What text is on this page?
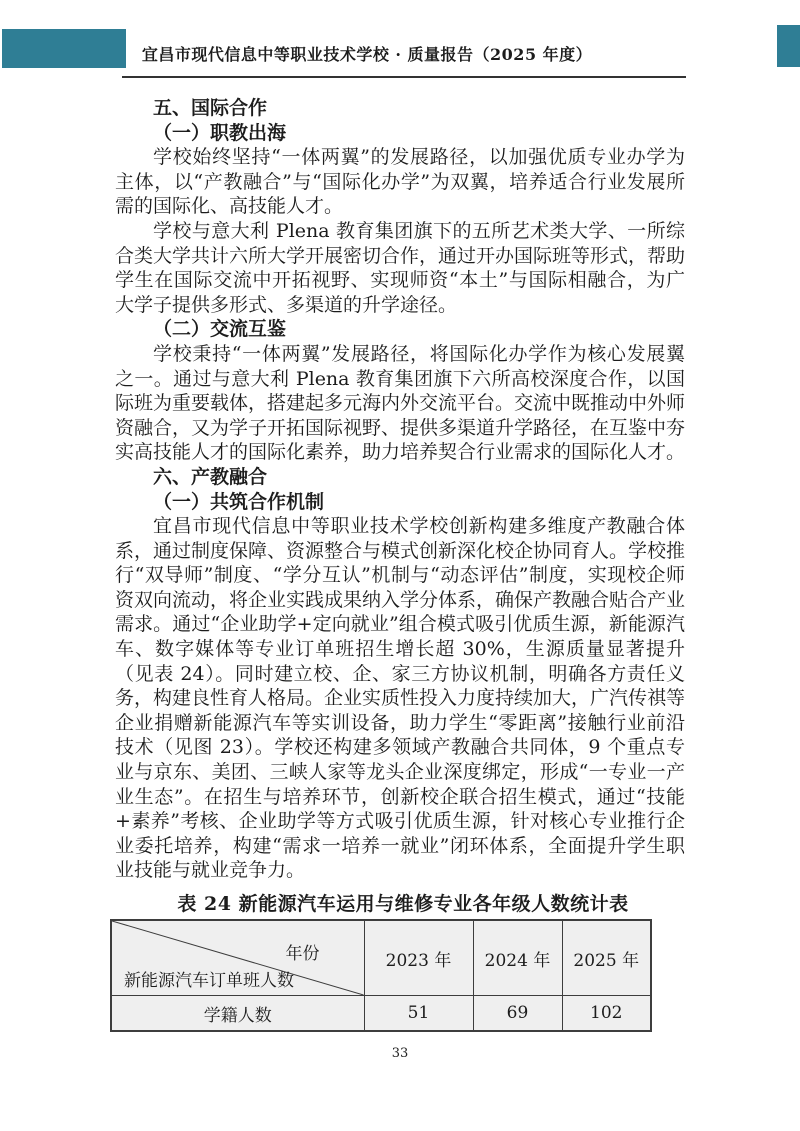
宜昌市现代信息中等职业技术学校 · 质量报告（2025 年度）
五、国际合作
（一）职教出海

学校始终坚持“一体两翼”的发展路径，以加强优质专业办学为主体，以“产教融合”与“国际化办学”为双翼，培养适合行业发展所需的国际化、高技能人才。

学校与意大利 Plena 教育集团旗下的五所艺术类大学、一所综合类大学共计六所大学开展密切合作，通过开办国际班等形式，帮助学生在国际交流中开拓视野、实现师资“本土”与国际相融合，为广大学子提供多形式、多渠道的升学途径。

（二）交流互鉴

学校秉持“一体两翼”发展路径，将国际化办学作为核心发展翼之一。通过与意大利 Plena 教育集团旗下六所高校深度合作，以国际班为重要载体，搭建起多元海内外交流平台。交流中既推动中外师资融合，又为学子开拓国际视野、提供多渠道升学路径，在互鉴中夯实高技能人才的国际化素养，助力培养契合行业需求的国际化人才。

六、产教融合
（一）共筑合作机制

宜昌市现代信息中等职业技术学校创新构建多维度产教融合体系，通过制度保障、资源整合与模式创新深化校企协同育人。学校推行“双导师”制度、“学分互认”机制与“动态评估”制度，实现校企师资双向流动，将企业实践成果纳入学分体系，确保产教融合贴合产业需求。通过“企业助学+定向就业”组合模式吸引优质生源，新能源汽车、数字媒体等专业订单班招生增长超 30%，生源质量显著提升（见表 24）。同时建立校、企、家三方协议机制，明确各方责任义务，构建良性育人格局。企业实质性投入力度持续加大，广汽传祺等企业捐赠新能源汽车等实训设备，助力学生“零距离”接触行业前沿技术（见图 23）。学校还构建多领域产教融合共同体，9 个重点专业与京东、美团、三峡人家等龙头企业深度绑定，形成“一专业一产业生态”。在招生与培养环节，创新校企联合招生模式，通过“技能+素养”考核、企业助学等方式吸引优质生源，针对核心专业推行企业委托培养，构建“需求一培养一就业”闭环体系，全面提升学生职业技能与就业竞争力。

表 24 新能源汽车运用与维修专业各年级人数统计表
年份
新能源汽车订单班人数	2023 年	2024 年	2025 年
学籍人数	51	69	102
33
